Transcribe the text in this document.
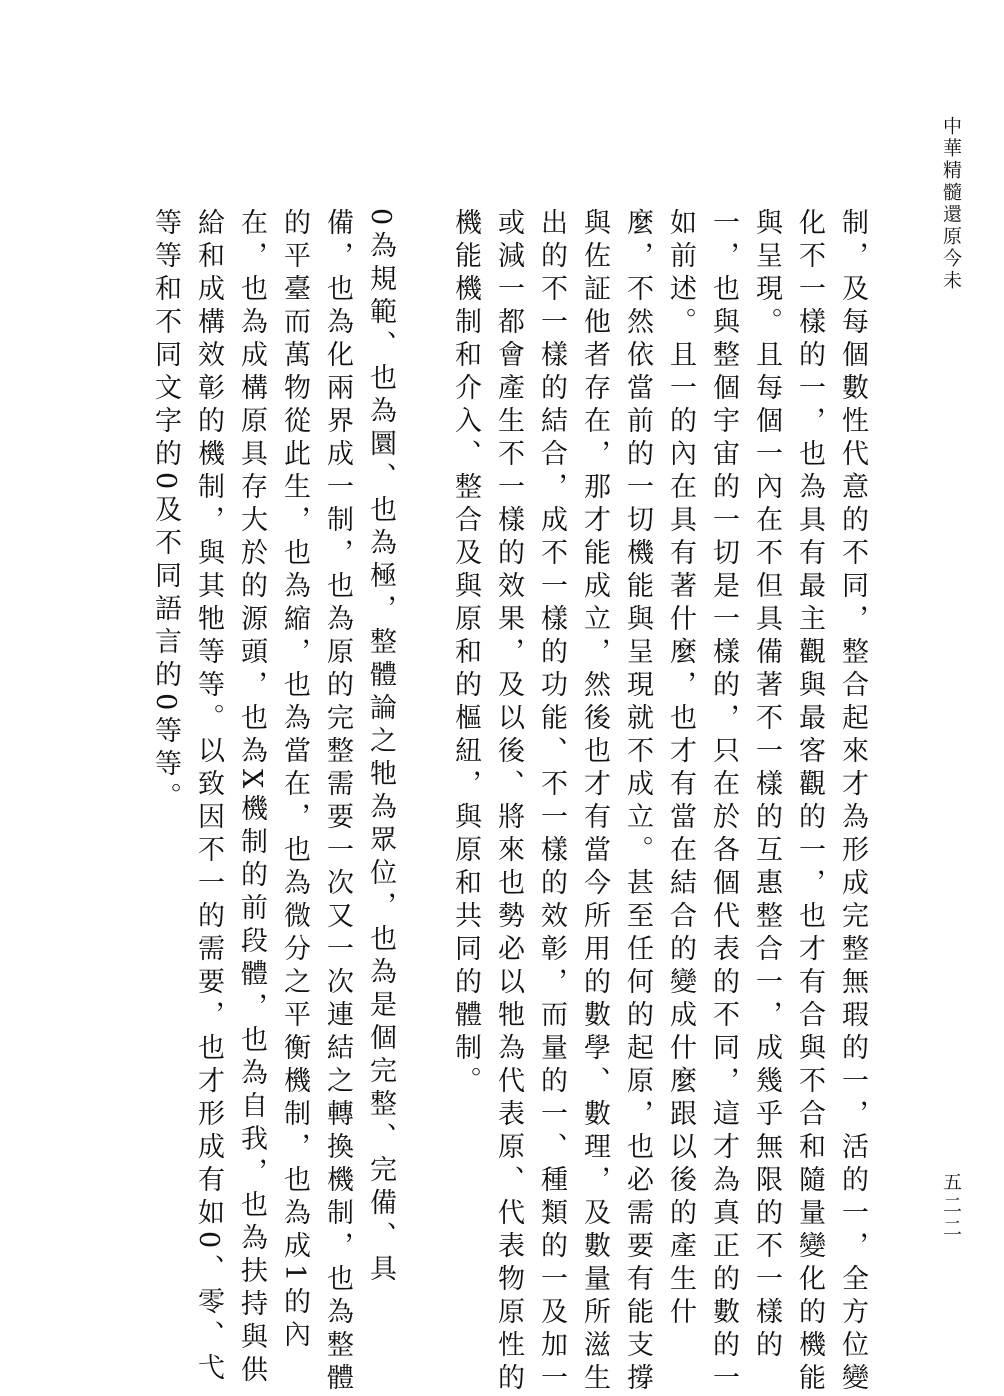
中華精髓還原今未
制，及每個數性代意的不同，整合起來才為形成完整無瑕的一，活的一，全方位變
化不一樣的一，也為具有最主觀與最客觀的一，也才有合與不合和隨量變化的機能
與呈現。且每個一內在不但具備著不一樣的互惠整合一，成幾乎無限的不一樣的
一，也與整個宇宙的一切是一樣的，只在於各個代表的不同，這才為真正的數的一
如前述。且一的內在具有著什麼，也才有當在結合的變成什麼跟以後的產生什
麼，不然依當前的一切機能與呈現就不成立。甚至任何的起原，也必需要有能支撐
與佐証他者存在，那才能成立，然後也才有當今所用的數學、數理，及數量所滋生
出的不一樣的結合，成不一樣的功能、不一樣的效彰，而量的一、種類的一及加一
或減一都會產生不一樣的效果，及以後、將來也勢必以牠為代表原、代表物原性的
機能機制和介入、整合及與原和的樞紐，與原和共同的體制。
0為規範、也為圜、也為極，整體論之牠為眾位，也為是個完整、完備、具
備，也為化兩界成一制，也為原的完整需要一次又一次連結之轉換機制，也為整體
的平臺而萬物從此生，也為縮，也為當在，也為微分之平衡機制，也為成1的內
在，也為成構原具存大於的源頭，也為X機制的前段體，也為自我，也為扶持與供
給和成構效彰的機制，與其牠等等。以致因不一的需要，也才形成有如0、零、弋
等等和不同文字的0及不同語言的0等等。
五二二
